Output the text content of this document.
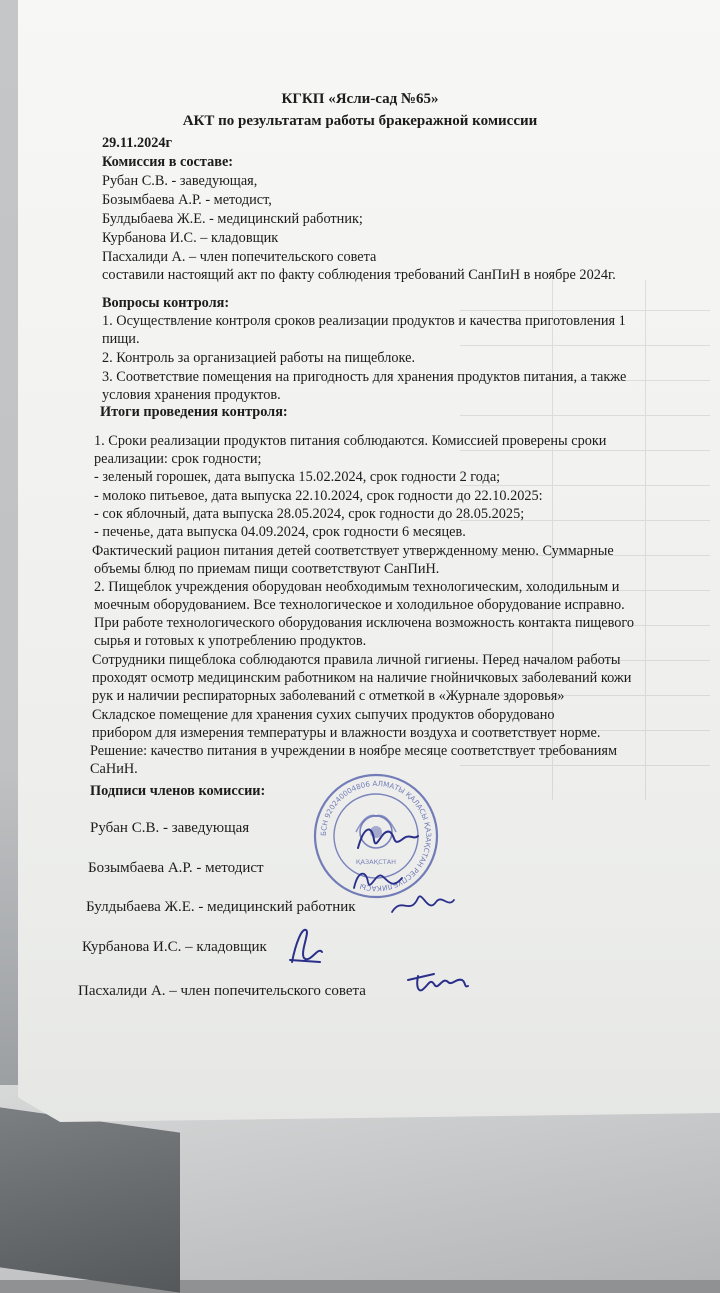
КГКП «Ясли-сад №65»
АКТ по результатам работы бракеражной комиссии
29.11.2024г
Комиссия в составе:
Рубан С.В. - заведующая,
Бозымбаева А.Р. - методист,
Булдыбаева Ж.Е. - медицинский работник;
Курбанова И.С. – кладовщик
Пасхалиди А. – член попечительского совета
составили настоящий акт по факту соблюдения требований СанПиН в ноябре 2024г.
Вопросы контроля:
1. Осуществление контроля сроков реализации продуктов и качества приготовления 1
пищи.
2. Контроль за организацией работы на пищеблоке.
3. Соответствие помещения на пригодность для хранения продуктов питания, а также
условия хранения продуктов.
Итоги проведения контроля:
1. Сроки реализации продуктов питания соблюдаются. Комиссией проверены сроки
реализации: срок годности;
- зеленый горошек, дата выпуска 15.02.2024, срок годности 2 года;
- молоко питьевое, дата выпуска 22.10.2024, срок годности до 22.10.2025:
- сок яблочный, дата выпуска 28.05.2024, срок годности до 28.05.2025;
- печенье, дата выпуска 04.09.2024, срок годности 6 месяцев.
Фактический рацион питания детей соответствует утвержденному меню. Суммарные
объемы блюд по приемам пищи соответствуют СанПиН.
2. Пищеблок учреждения оборудован необходимым технологическим, холодильным и
моечным оборудованием. Все технологическое и холодильное оборудование исправно.
При работе технологического оборудования исключена возможность контакта пищевого
сырья и готовых к употреблению продуктов.
Сотрудники пищеблока соблюдаются правила личной гигиены. Перед началом работы
проходят осмотр медицинским работником на наличие гнойничковых заболеваний кожи
рук и наличии респираторных заболеваний с отметкой в «Журнале здоровья»
Складское помещение для хранения сухих сыпучих продуктов оборудовано
прибором для измерения температуры и влажности воздуха и соответствует норме.
Решение: качество питания в учреждении в ноябре месяце соответствует требованиям
СаНиН.
Подписи членов комиссии:
Рубан С.В. - заведующая
Бозымбаева А.Р. - методист
Булдыбаева Ж.Е. - медицинский работник
Курбанова И.С. – кладовщик
Пасхалиди А. – член попечительского совета
БСН 920240004806 АЛМАТЫ ҚАЛАСЫ ҚАЗАҚСТАН РЕСПУБЛИКАСЫ
ҚАЗАҚСТАН
